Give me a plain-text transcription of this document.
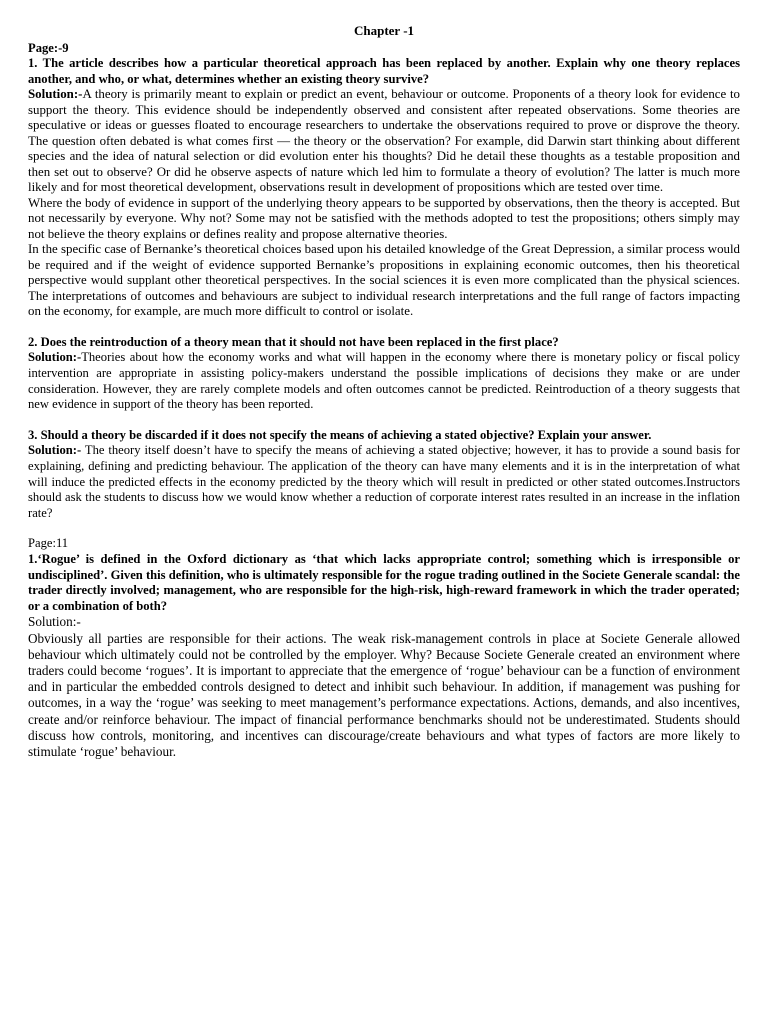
Chapter -1
Page:-9
1. The article describes how a particular theoretical approach has been replaced by another. Explain why one theory replaces another, and who, or what, determines whether an existing theory survive?

Solution:-A theory is primarily meant to explain or predict an event, behaviour or outcome. Proponents of a theory look for evidence to support the theory. This evidence should be independently observed and consistent after repeated observations. Some theories are speculative or ideas or guesses floated to encourage researchers to undertake the observations required to prove or disprove the theory. The question often debated is what comes first — the theory or the observation? For example, did Darwin start thinking about different species and the idea of natural selection or did evolution enter his thoughts? Did he detail these thoughts as a testable proposition and then set out to observe? Or did he observe aspects of nature which led him to formulate a theory of evolution? The latter is much more likely and for most theoretical development, observations result in development of propositions which are tested over time.

Where the body of evidence in support of the underlying theory appears to be supported by observations, then the theory is accepted. But not necessarily by everyone. Why not? Some may not be satisfied with the methods adopted to test the propositions; others simply may not believe the theory explains or defines reality and propose alternative theories.

In the specific case of Bernanke’s theoretical choices based upon his detailed knowledge of the Great Depression, a similar process would be required and if the weight of evidence supported Bernanke’s propositions in explaining economic outcomes, then his theoretical perspective would supplant other theoretical perspectives. In the social sciences it is even more complicated than the physical sciences. The interpretations of outcomes and behaviours are subject to individual research interpretations and the full range of factors impacting on the economy, for example, are much more difficult to control or isolate.

2. Does the reintroduction of a theory mean that it should not have been replaced in the first place?

Solution:-Theories about how the economy works and what will happen in the economy where there is monetary policy or fiscal policy intervention are appropriate in assisting policy-makers understand the possible implications of decisions they make or are under consideration. However, they are rarely complete models and often outcomes cannot be predicted. Reintroduction of a theory suggests that new evidence in support of the theory has been reported.

3. Should a theory be discarded if it does not specify the means of achieving a stated objective? Explain your answer.

Solution:- The theory itself doesn’t have to specify the means of achieving a stated objective; however, it has to provide a sound basis for explaining, defining and predicting behaviour. The application of the theory can have many elements and it is in the interpretation of what will induce the predicted effects in the economy predicted by the theory which will result in predicted or other stated outcomes.Instructors should ask the students to discuss how we would know whether a reduction of corporate interest rates resulted in an increase in the inflation rate?

Page:11
1.‘Rogue’ is defined in the Oxford dictionary as ‘that which lacks appropriate control; something which is irresponsible or undisciplined’. Given this definition, who is ultimately responsible for the rogue trading outlined in the Societe Generale scandal: the trader directly involved; management, who are responsible for the high-risk, high-reward framework in which the trader operated; or a combination of both?
Solution:-

Obviously all parties are responsible for their actions. The weak risk-management controls in place at Societe Generale allowed behaviour which ultimately could not be controlled by the employer. Why? Because Societe Generale created an environment where traders could become ‘rogues’. It is important to appreciate that the emergence of ‘rogue’ behaviour can be a function of environment and in particular the embedded controls designed to detect and inhibit such behaviour. In addition, if management was pushing for outcomes, in a way the ‘rogue’ was seeking to meet management’s performance expectations. Actions, demands, and also incentives, create and/or reinforce behaviour. The impact of financial performance benchmarks should not be underestimated. Students should discuss how controls, monitoring, and incentives can discourage/create behaviours and what types of factors are more likely to stimulate ‘rogue’ behaviour.
